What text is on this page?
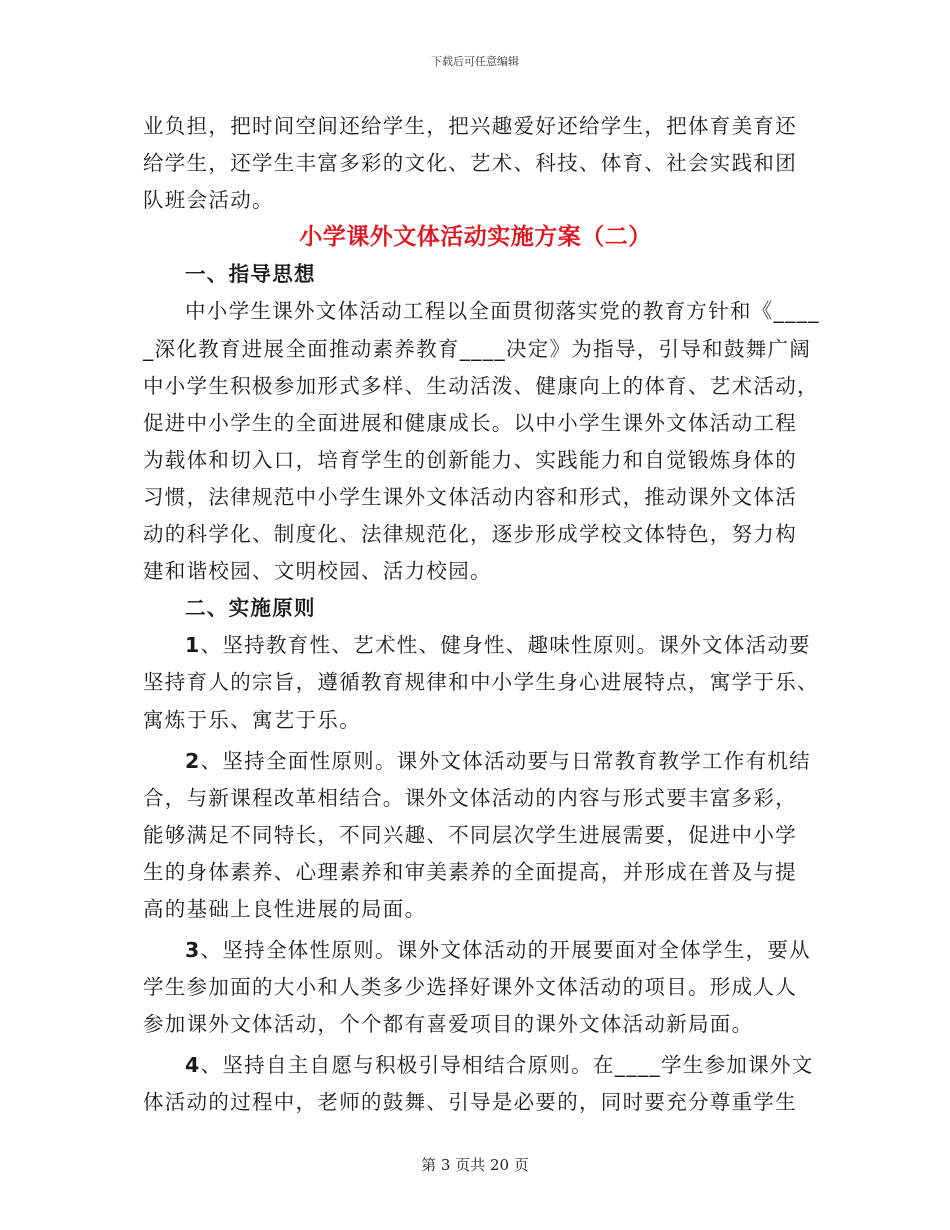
下载后可任意编辑
业负担，把时间空间还给学生，把兴趣爱好还给学生，把体育美育还
给学生，还学生丰富多彩的文化、艺术、科技、体育、社会实践和团
队班会活动。
小学课外文体活动实施方案（二）
一、指导思想
中小学生课外文体活动工程以全面贯彻落实党的教育方针和《____
_深化教育进展全面推动素养教育____决定》为指导，引导和鼓舞广阔
中小学生积极参加形式多样、生动活泼、健康向上的体育、艺术活动，
促进中小学生的全面进展和健康成长。以中小学生课外文体活动工程
为载体和切入口，培育学生的创新能力、实践能力和自觉锻炼身体的
习惯，法律规范中小学生课外文体活动内容和形式，推动课外文体活
动的科学化、制度化、法律规范化，逐步形成学校文体特色，努力构
建和谐校园、文明校园、活力校园。
二、实施原则
1、坚持教育性、艺术性、健身性、趣味性原则。课外文体活动要
坚持育人的宗旨，遵循教育规律和中小学生身心进展特点，寓学于乐、
寓炼于乐、寓艺于乐。
2、坚持全面性原则。课外文体活动要与日常教育教学工作有机结
合，与新课程改革相结合。课外文体活动的内容与形式要丰富多彩，
能够满足不同特长，不同兴趣、不同层次学生进展需要，促进中小学
生的身体素养、心理素养和审美素养的全面提高，并形成在普及与提
高的基础上良性进展的局面。
3、坚持全体性原则。课外文体活动的开展要面对全体学生，要从
学生参加面的大小和人类多少选择好课外文体活动的项目。形成人人
参加课外文体活动，个个都有喜爱项目的课外文体活动新局面。
4、坚持自主自愿与积极引导相结合原则。在____学生参加课外文
体活动的过程中，老师的鼓舞、引导是必要的，同时要充分尊重学生
第 3 页共 20 页
